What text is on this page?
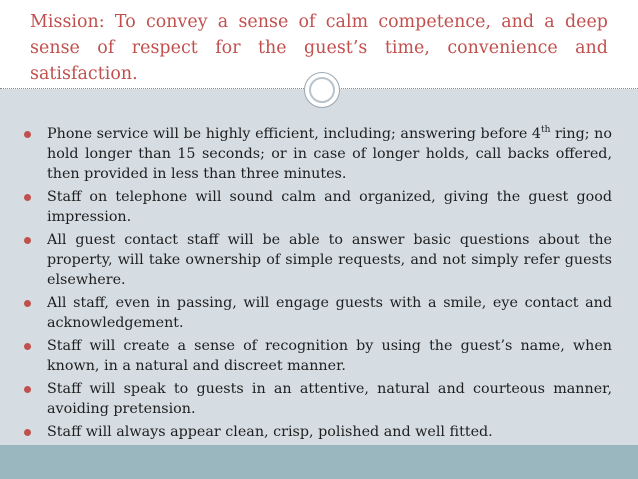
Mission: To convey a sense of calm competence, and a deep sense of respect for the guest’s time, convenience and satisfaction.

Phone service will be highly efficient, including; answering before 4th ring; no hold longer than 15 seconds; or in case of longer holds, call backs offered, then provided in less than three minutes.
Staff on telephone will sound calm and organized, giving the guest good impression.
All guest contact staff will be able to answer basic questions about the property, will take ownership of simple requests, and not simply refer guests elsewhere.
All staff, even in passing, will engage guests with a smile, eye contact and acknowledgement.
Staff will create a sense of recognition by using the guest’s name, when known, in a natural and discreet manner.
Staff will speak to guests in an attentive, natural and courteous manner, avoiding pretension.
Staff will always appear clean, crisp, polished and well fitted.
